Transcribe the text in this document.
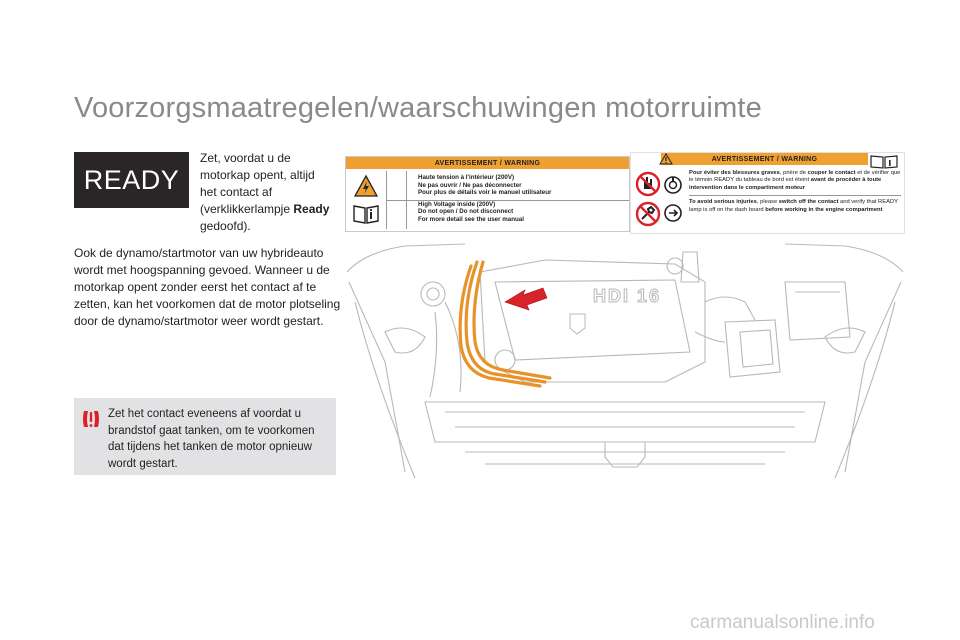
Voorzorgsmaatregelen/waarschuwingen motorruimte
READY
Zet, voordat u de motorkap opent, altijd het contact af (verklikkerlampje Ready gedoofd).
Ook de dynamo/startmotor van uw hybrideauto wordt met hoogspanning gevoed. Wanneer u de motorkap opent zonder eerst het contact af te zetten, kan het voorkomen dat de motor plotseling door de dynamo/startmotor weer wordt gestart.
Zet het contact eveneens af voordat u brandstof gaat tanken, om te voorkomen dat tijdens het tanken de motor opnieuw wordt gestart.
AVERTISSEMENT / WARNING
Haute tension à l'intérieur (200V)
Ne pas ouvrir / Ne pas déconnecter
Pour plus de détails voir le manuel utilisateur
High Voltage inside (200V)
Do not open / Do not disconnect
For more detail see the user manual
AVERTISSEMENT / WARNING
Pour éviter des blessures graves, prière de couper le contact et de vérifier que le témoin READY du tableau de bord est éteint avant de procéder à toute intervention dans le compartiment moteur
To avoid serious injuries, please switch off the contact and verify that READY lamp is off on the dash board before working in the engine compartment
HDI 16
carmanualsonline.info
